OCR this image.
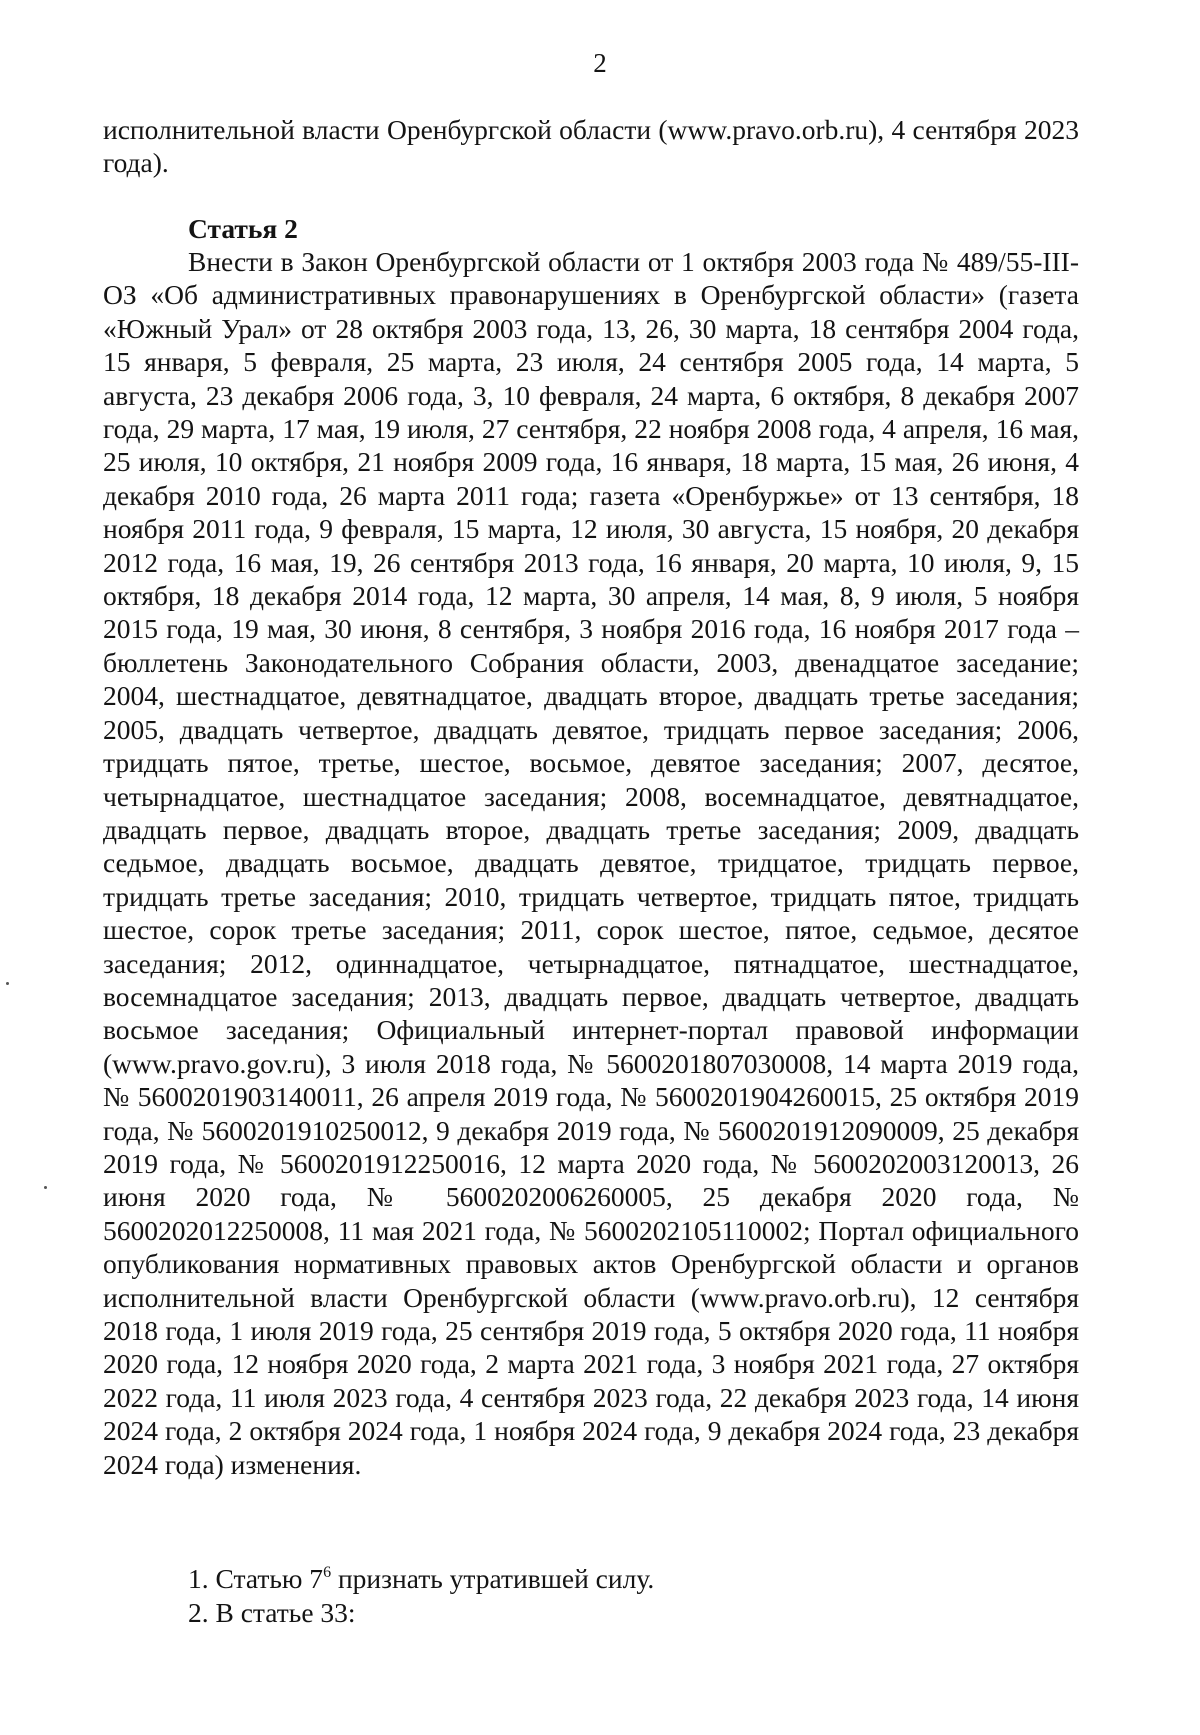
2

исполнительной власти Оренбургской области (www.pravo.orb.ru), 4 сентября 2023 года).

Статья 2

Внести в Закон Оренбургской области от 1 октября 2003 года № 489/55-III-ОЗ «Об административных правонарушениях в Оренбургской области» (газета «Южный Урал» от 28 октября 2003 года, 13, 26, 30 марта, 18 сентября 2004 года, 15 января, 5 февраля, 25 марта, 23 июля, 24 сентября 2005 года, 14 марта, 5 августа, 23 декабря 2006 года, 3, 10 февраля, 24 марта, 6 октября, 8 декабря 2007 года, 29 марта, 17 мая, 19 июля, 27 сентября, 22 ноября 2008 года, 4 апреля, 16 мая, 25 июля, 10 октября, 21 ноября 2009 года, 16 января, 18 марта, 15 мая, 26 июня, 4 декабря 2010 года, 26 марта 2011 года; газета «Оренбуржье» от 13 сентября, 18 ноября 2011 года, 9 февраля, 15 марта, 12 июля, 30 августа, 15 ноября, 20 декабря 2012 года, 16 мая, 19, 26 сентября 2013 года, 16 января, 20 марта, 10 июля, 9, 15 октября, 18 декабря 2014 года, 12 марта, 30 апреля, 14 мая, 8, 9 июля, 5 ноября 2015 года, 19 мая, 30 июня, 8 сентября, 3 ноября 2016 года, 16 ноября 2017 года – бюллетень Законодательного Собрания области, 2003, двенадцатое заседание; 2004, шестнадцатое, девятнадцатое, двадцать второе, двадцать третье заседания; 2005, двадцать четвертое, двадцать девятое, тридцать первое заседания; 2006, тридцать пятое, третье, шестое, восьмое, девятое заседания; 2007, десятое, четырнадцатое, шестнадцатое заседания; 2008, восемнадцатое, девятнадцатое, двадцать первое, двадцать второе, двадцать третье заседания; 2009, двадцать седьмое, двадцать восьмое, двадцать девятое, тридцатое, тридцать первое, тридцать третье заседания; 2010, тридцать четвертое, тридцать пятое, тридцать шестое, сорок третье заседания; 2011, сорок шестое, пятое, седьмое, десятое заседания; 2012, одиннадцатое, четырнадцатое, пятнадцатое, шестнадцатое, восемнадцатое заседания; 2013, двадцать первое, двадцать четвертое, двадцать восьмое заседания; Официальный интернет-портал правовой информации (www.pravo.gov.ru), 3 июля 2018 года, № 5600201807030008, 14 марта 2019 года, № 5600201903140011, 26 апреля 2019 года, № 5600201904260015, 25 октября 2019 года, № 5600201910250012, 9 декабря 2019 года, № 5600201912090009, 25 декабря 2019 года, № 5600201912250016, 12 марта 2020 года, № 5600202003120013, 26 июня 2020 года, № 5600202006260005, 25 декабря 2020 года, № 5600202012250008, 11 мая 2021 года, № 5600202105110002; Портал официального опубликования нормативных правовых актов Оренбургской области и органов исполнительной власти Оренбургской области (www.pravo.orb.ru), 12 сентября 2018 года, 1 июля 2019 года, 25 сентября 2019 года, 5 октября 2020 года, 11 ноября 2020 года, 12 ноября 2020 года, 2 марта 2021 года, 3 ноября 2021 года, 27 октября 2022 года, 11 июля 2023 года, 4 сентября 2023 года, 22 декабря 2023 года, 14 июня 2024 года, 2 октября 2024 года, 1 ноября 2024 года, 9 декабря 2024 года, 23 декабря 2024 года) изменения.

1. Статью $7^6$ признать утратившей силу.
2. В статье 33:
